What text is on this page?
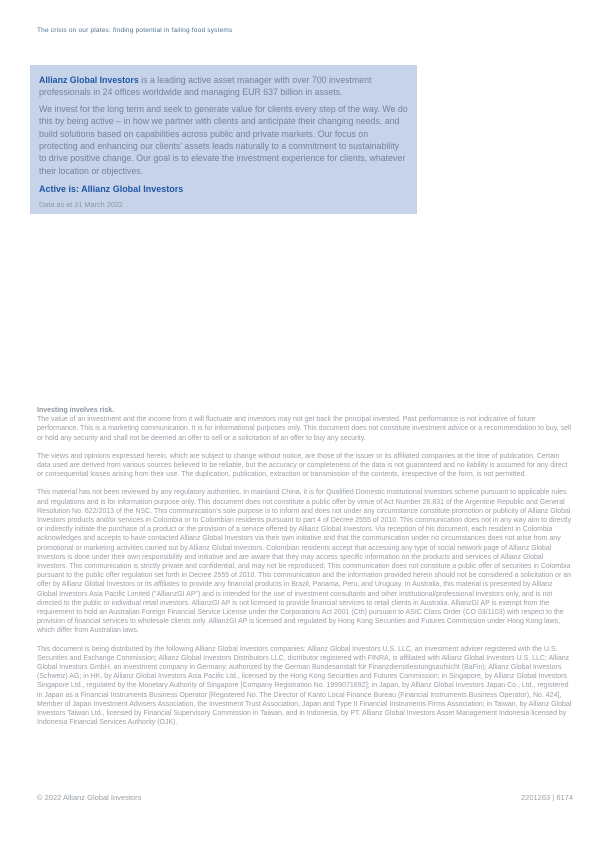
The crisis on our plates: finding potential in failing food systems

Allianz Global Investors is a leading active asset manager with over 700 investment professionals in 24 offices worldwide and managing EUR 637 billion in assets.

We invest for the long term and seek to generate value for clients every step of the way. We do this by being active – in how we partner with clients and anticipate their changing needs, and build solutions based on capabilities across public and private markets. Our focus on protecting and enhancing our clients’ assets leads naturally to a commitment to sustainability to drive positive change. Our goal is to elevate the investment experience for clients, whatever their location or objectives.

Active is: Allianz Global Investors

Data as at 31 March 2022

Investing involves risk.
The value of an investment and the income from it will fluctuate and investors may not get back the principal invested. Past performance is not indicative of future performance. This is a marketing communication. It is for informational purposes only. This document does not constitute investment advice or a recommendation to buy, sell or hold any security and shall not be deemed an offer to sell or a solicitation of an offer to buy any security.

The views and opinions expressed herein, which are subject to change without notice, are those of the issuer or its affiliated companies at the time of publication. Certain data used are derived from various sources believed to be reliable, but the accuracy or completeness of the data is not guaranteed and no liability is assumed for any direct or consequential losses arising from their use. The duplication, publication, extraction or transmission of the contents, irrespective of the form, is not permitted.

This material has not been reviewed by any regulatory authorities. In mainland China, it is for Qualified Domestic Institutional Investors scheme pursuant to applicable rules and regulations and is for information purpose only. This document does not constitute a public offer by virtue of Act Number 26.831 of the Argentine Republic and General Resolution No. 622/2013 of the NSC. This communication's sole purpose is to inform and does not under any circumstance constitute promotion or publicity of Allianz Global Investors products and/or services in Colombia or to Colombian residents pursuant to part 4 of Decree 2555 of 2010. This communication does not in any way aim to directly or indirectly initiate the purchase of a product or the provision of a service offered by Allianz Global Investors. Via reception of his document, each resident in Colombia acknowledges and accepts to have contacted Allianz Global Investors via their own initiative and that the communication under no circumstances does not arise from any promotional or marketing activities carried out by Allianz Global Investors. Colombian residents accept that accessing any type of social network page of Allianz Global Investors is done under their own responsibility and initiative and are aware that they may access specific information on the products and services of Allianz Global Investors. This communication is strictly private and confidential, and may not be reproduced. This communication does not constitute a public offer of securities in Colombia pursuant to the public offer regulation set forth in Decree 2555 of 2010. This communication and the information provided herein should not be considered a solicitation or an offer by Allianz Global Investors or its affiliates to provide any financial products in Brazil, Panama, Peru, and Uruguay. In Australia, this material is presented by Allianz Global Investors Asia Pacific Limited ("AllianzGI AP") and is intended for the use of investment consultants and other institutional/professional investors only, and is not directed to the public or individual retail investors. AllianzGI AP is not licensed to provide financial services to retail clients in Australia. AllianzGI AP is exempt from the requirement to hold an Australian Foreign Financial Service License under the Corporations Act 2001 (Cth) pursuant to ASIC Class Order (CO 03/1103) with respect to the provision of financial services to wholesale clients only. AllianzGI AP is licensed and regulated by Hong Kong Securities and Futures Commission under Hong Kong laws, which differ from Australian laws.

This document is being distributed by the following Allianz Global Investors companies: Allianz Global Investors U.S. LLC, an investment adviser registered with the U.S. Securities and Exchange Commission; Allianz Global Investors Distributors LLC, distributor registered with FINRA, is affiliated with Allianz Global Investors U.S. LLC; Allianz Global Investors GmbH, an investment company in Germany, authorized by the German Bundesanstalt für Finanzdienstleistungsaufsicht (BaFin); Allianz Global Investors (Schweiz) AG; in HK, by Allianz Global Investors Asia Pacific Ltd., licensed by the Hong Kong Securities and Futures Commission; in Singapore, by Allianz Global Investors Singapore Ltd., regulated by the Monetary Authority of Singapore [Company Registration No. 199907169Z]; in Japan, by Allianz Global Investors Japan Co., Ltd., registered in Japan as a Financial Instruments Business Operator [Registered No. The Director of Kanto Local Finance Bureau (Financial Instruments Business Operator), No. 424], Member of Japan Investment Advisers Association, the Investment Trust Association, Japan and Type II Financial Instruments Firms Association; in Taiwan, by Allianz Global Investors Taiwan Ltd., licensed by Financial Supervisory Commission in Taiwan, and in Indonesia, by PT. Allianz Global Investors Asset Management Indonesia licensed by Indonesia Financial Services Authority (OJK).

© 2022 Allianz Global Investors	2201263 | 6174
